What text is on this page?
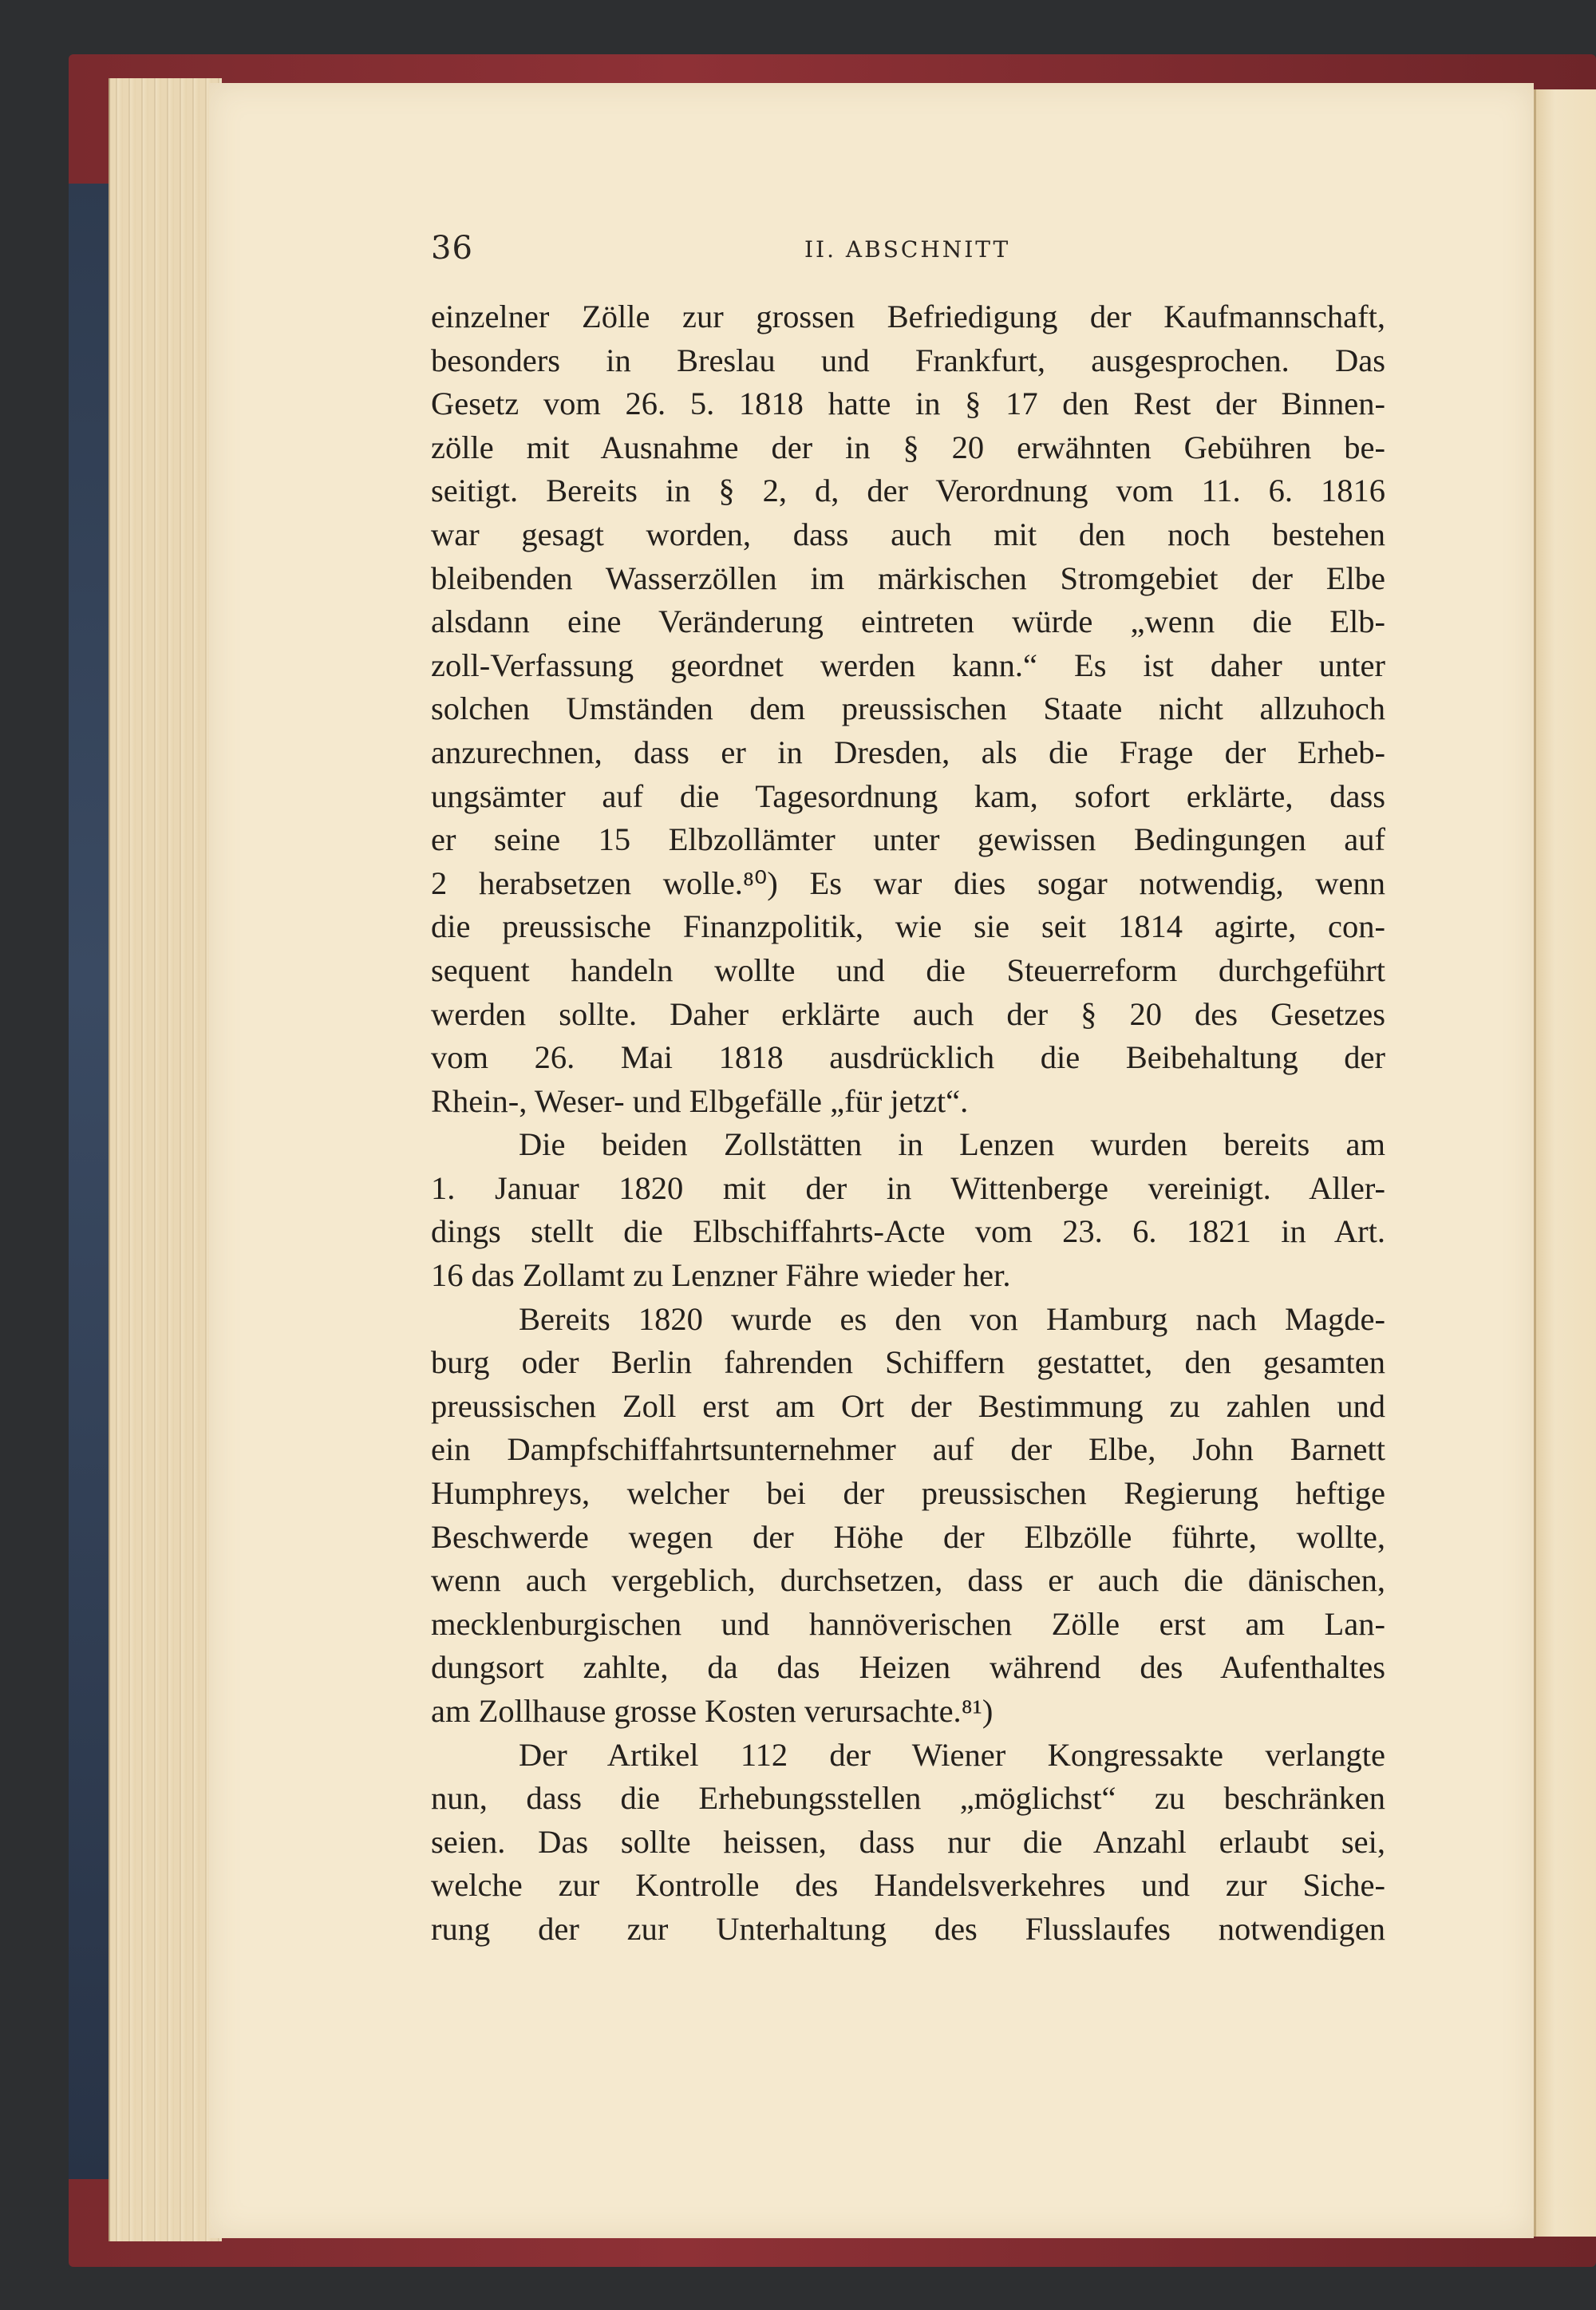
36	II. ABSCHNITT
einzelner Zölle zur grossen Befriedigung der Kaufmannschaft,
besonders in Breslau und Frankfurt, ausgesprochen. Das
Gesetz vom 26. 5. 1818 hatte in § 17 den Rest der Binnen-
zölle mit Ausnahme der in § 20 erwähnten Gebühren be-
seitigt. Bereits in § 2, d, der Verordnung vom 11. 6. 1816
war gesagt worden, dass auch mit den noch bestehen
bleibenden Wasserzöllen im märkischen Stromgebiet der Elbe
alsdann eine Veränderung eintreten würde „wenn die Elb-
zoll-Verfassung geordnet werden kann.“ Es ist daher unter
solchen Umständen dem preussischen Staate nicht allzuhoch
anzurechnen, dass er in Dresden, als die Frage der Erheb-
ungsämter auf die Tagesordnung kam, sofort erklärte, dass
er seine 15 Elbzollämter unter gewissen Bedingungen auf
2 herabsetzen wolle.⁸⁰) Es war dies sogar notwendig, wenn
die preussische Finanzpolitik, wie sie seit 1814 agirte, con-
sequent handeln wollte und die Steuerreform durchgeführt
werden sollte. Daher erklärte auch der § 20 des Gesetzes
vom 26. Mai 1818 ausdrücklich die Beibehaltung der
Rhein-, Weser- und Elbgefälle „für jetzt“.
Die beiden Zollstätten in Lenzen wurden bereits am
1. Januar 1820 mit der in Wittenberge vereinigt. Aller-
dings stellt die Elbschiffahrts-Acte vom 23. 6. 1821 in Art.
16 das Zollamt zu Lenzner Fähre wieder her.
Bereits 1820 wurde es den von Hamburg nach Magde-
burg oder Berlin fahrenden Schiffern gestattet, den gesamten
preussischen Zoll erst am Ort der Bestimmung zu zahlen und
ein Dampfschiffahrtsunternehmer auf der Elbe, John Barnett
Humphreys, welcher bei der preussischen Regierung heftige
Beschwerde wegen der Höhe der Elbzölle führte, wollte,
wenn auch vergeblich, durchsetzen, dass er auch die dänischen,
mecklenburgischen und hannöverischen Zölle erst am Lan-
dungsort zahlte, da das Heizen während des Aufenthaltes
am Zollhause grosse Kosten verursachte.⁸¹)
Der Artikel 112 der Wiener Kongressakte verlangte
nun, dass die Erhebungsstellen „möglichst“ zu beschränken
seien. Das sollte heissen, dass nur die Anzahl erlaubt sei,
welche zur Kontrolle des Handelsverkehres und zur Siche-
rung der zur Unterhaltung des Flusslaufes notwendigen
